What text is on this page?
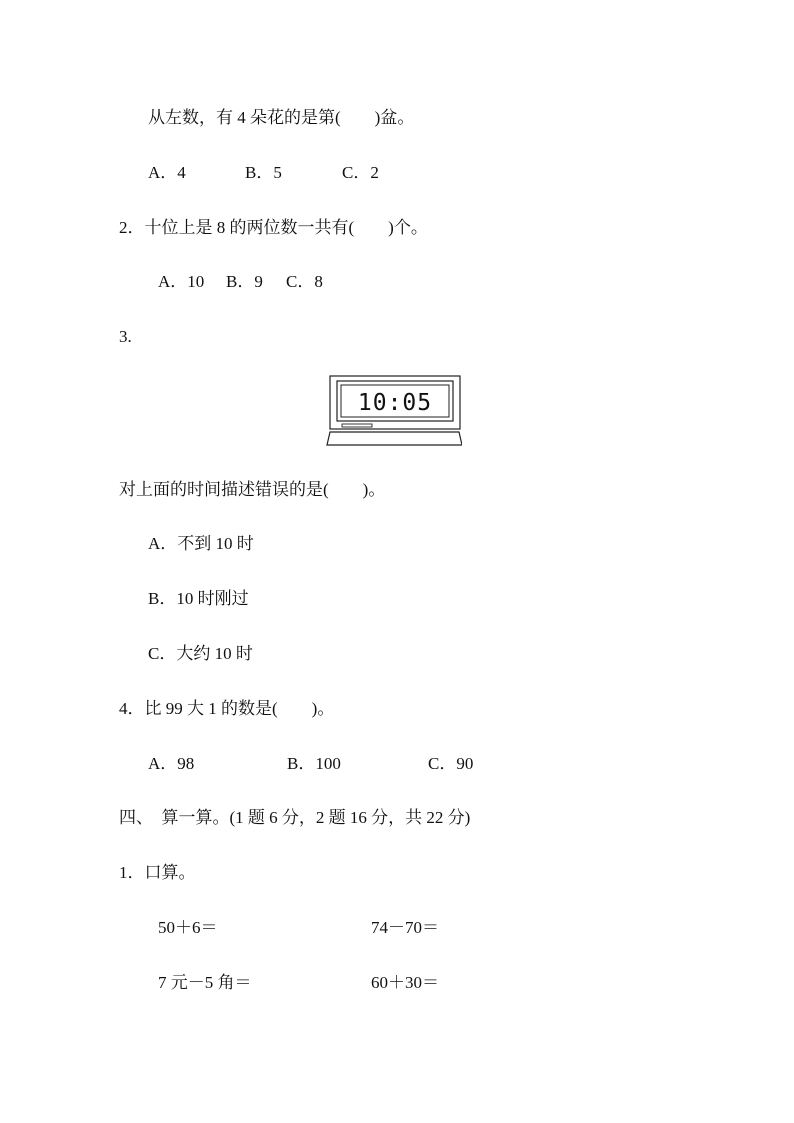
从左数，有 4 朵花的是第(　　)盆。
A．4	B．5	C．2
2．十位上是 8 的两位数一共有(　　)个。
A．10 B．9 C．8
3.
10:05
对上面的时间描述错误的是(　　)。
A．不到 10 时
B．10 时刚过
C．大约 10 时
4．比 99 大 1 的数是(　　)。
A．98	B．100	C．90
四、  算一算。(1 题 6 分，2 题 16 分，共 22 分)
1．口算。
50＋6＝	74－70＝
7 元－5 角＝	60＋30＝
